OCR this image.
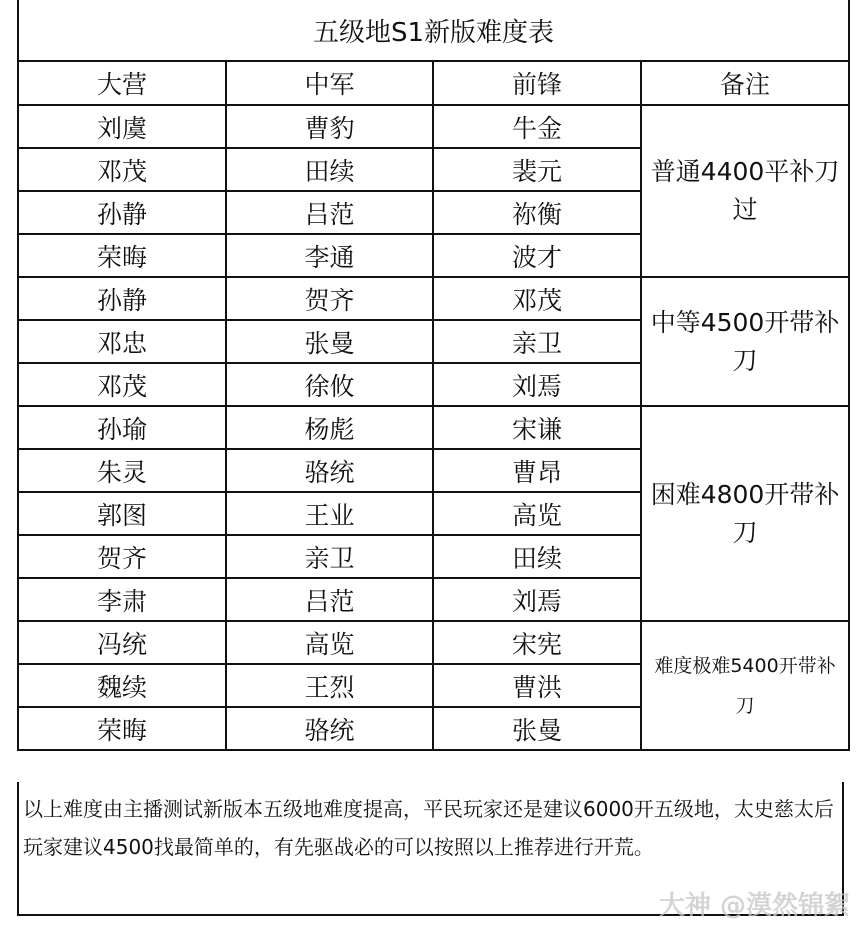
五级地S1新版难度表			
大营	中军	前锋	备注
刘虞	曹豹	牛金	普通4400平补刀过
邓茂	田续	裴元	
孙静	吕范	祢衡	
荣晦	李通	波才	
孙静	贺齐	邓茂	中等4500开带补刀
邓忠	张曼	亲卫	
邓茂	徐攸	刘焉	
孙瑜	杨彪	宋谦	困难4800开带补刀
朱灵	骆统	曹昂	
郭图	王业	高览	
贺齐	亲卫	田续	
李肃	吕范	刘焉	
冯统	高览	宋宪	难度极难5400开带补刀
魏续	王烈	曹洪	
荣晦	骆统	张曼	
以上难度由主播测试新版本五级地难度提高，平民玩家还是建议6000开五级地，太史慈太后玩家建议4500找最简单的，有先驱战必的可以按照以上推荐进行开荒。
大神 @漠然锦絮
